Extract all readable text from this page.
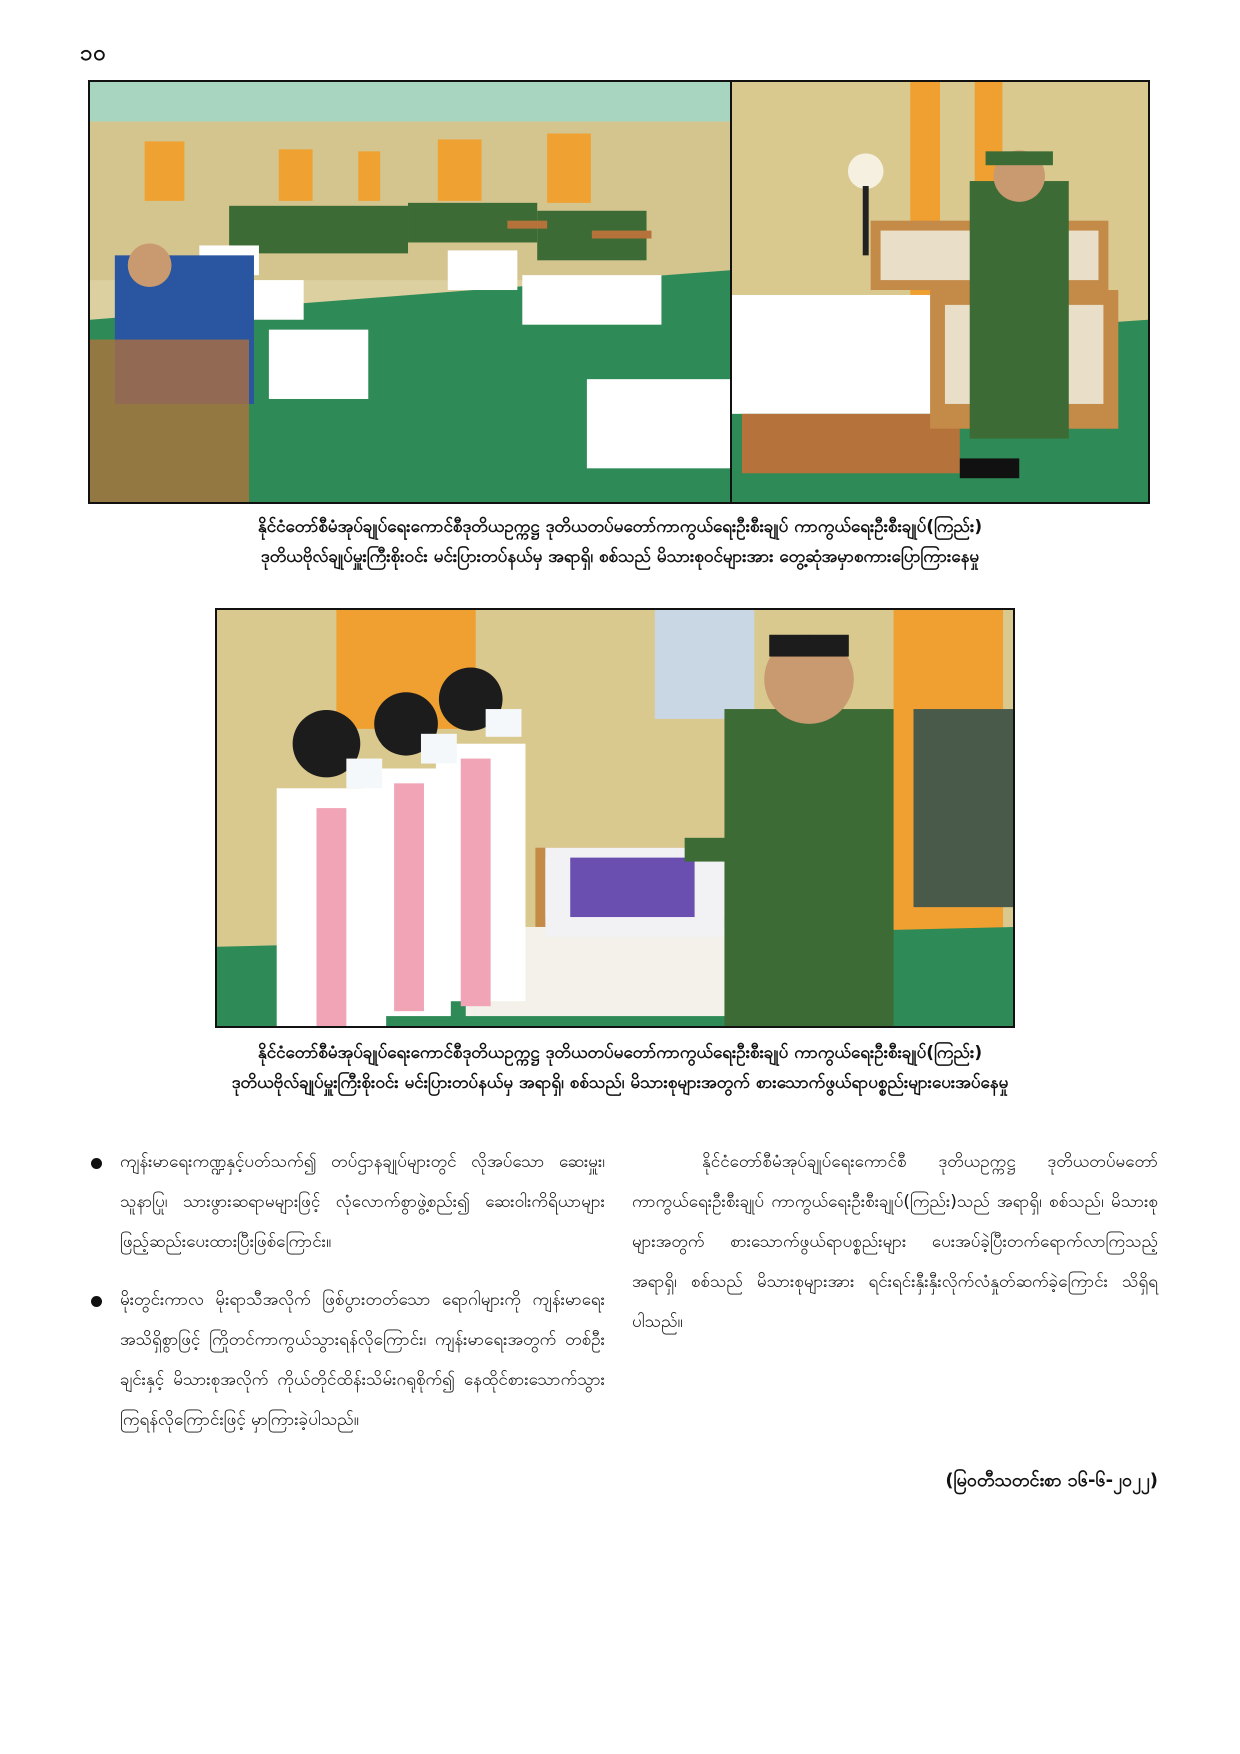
၁၀
နိုင်ငံတော်စီမံအုပ်ချုပ်ရေးကောင်စီဒုတိယဥက္ကဋ္ဌ ဒုတိယတပ်မတော်ကာကွယ်ရေးဦးစီးချုပ် ကာကွယ်ရေးဦးစီးချုပ်(ကြည်း)
ဒုတိယဗိုလ်ချုပ်မှူးကြီးစိုးဝင်း မင်းပြားတပ်နယ်မှ အရာရှိ၊ စစ်သည် မိသားစုဝင်များအား တွေ့ဆုံအမှာစကားပြောကြားနေမှု
နိုင်ငံတော်စီမံအုပ်ချုပ်ရေးကောင်စီဒုတိယဥက္ကဋ္ဌ ဒုတိယတပ်မတော်ကာကွယ်ရေးဦးစီးချုပ် ကာကွယ်ရေးဦးစီးချုပ်(ကြည်း)
ဒုတိယဗိုလ်ချုပ်မှူးကြီးစိုးဝင်း မင်းပြားတပ်နယ်မှ အရာရှိ၊ စစ်သည်၊ မိသားစုများအတွက် စားသောက်ဖွယ်ရာပစ္စည်းများပေးအပ်နေမှု
ကျန်းမာရေးကဏ္ဍနှင့်ပတ်သက်၍ တပ်ဌာနချုပ်များတွင် လိုအပ်သော ဆေးမှူး၊ သူနာပြု၊ သားဖွားဆရာမများဖြင့် လုံလောက်စွာဖွဲ့စည်း၍ ဆေးဝါးကိရိယာများ ဖြည့်ဆည်းပေးထားပြီးဖြစ်ကြောင်း။
မိုးတွင်းကာလ မိုးရာသီအလိုက် ဖြစ်ပွားတတ်သော ရောဂါများကို ကျန်းမာရေးအသိရှိစွာဖြင့် ကြိုတင်ကာကွယ်သွားရန်လိုကြောင်း၊ ကျန်းမာရေးအတွက် တစ်ဦးချင်းနှင့် မိသားစုအလိုက် ကိုယ်တိုင်ထိန်းသိမ်းဂရုစိုက်၍ နေထိုင်စားသောက်သွားကြရန်လိုကြောင်းဖြင့် မှာကြားခဲ့ပါသည်။

နိုင်ငံတော်စီမံအုပ်ချုပ်ရေးကောင်စီ ဒုတိယဥက္ကဋ္ဌ ဒုတိယတပ်မတော်ကာကွယ်ရေးဦးစီးချုပ် ကာကွယ်ရေးဦးစီးချုပ်(ကြည်း)သည် အရာရှိ၊ စစ်သည်၊ မိသားစုများအတွက် စားသောက်ဖွယ်ရာပစ္စည်းများ ပေးအပ်ခဲ့ပြီးတက်ရောက်လာကြသည့် အရာရှိ၊ စစ်သည် မိသားစုများအား ရင်းရင်းနှီးနှီးလိုက်လံနှုတ်ဆက်ခဲ့ကြောင်း သိရှိရပါသည်။

(မြဝတီသတင်းစာ ၁၆-၆-၂၀၂၂)
